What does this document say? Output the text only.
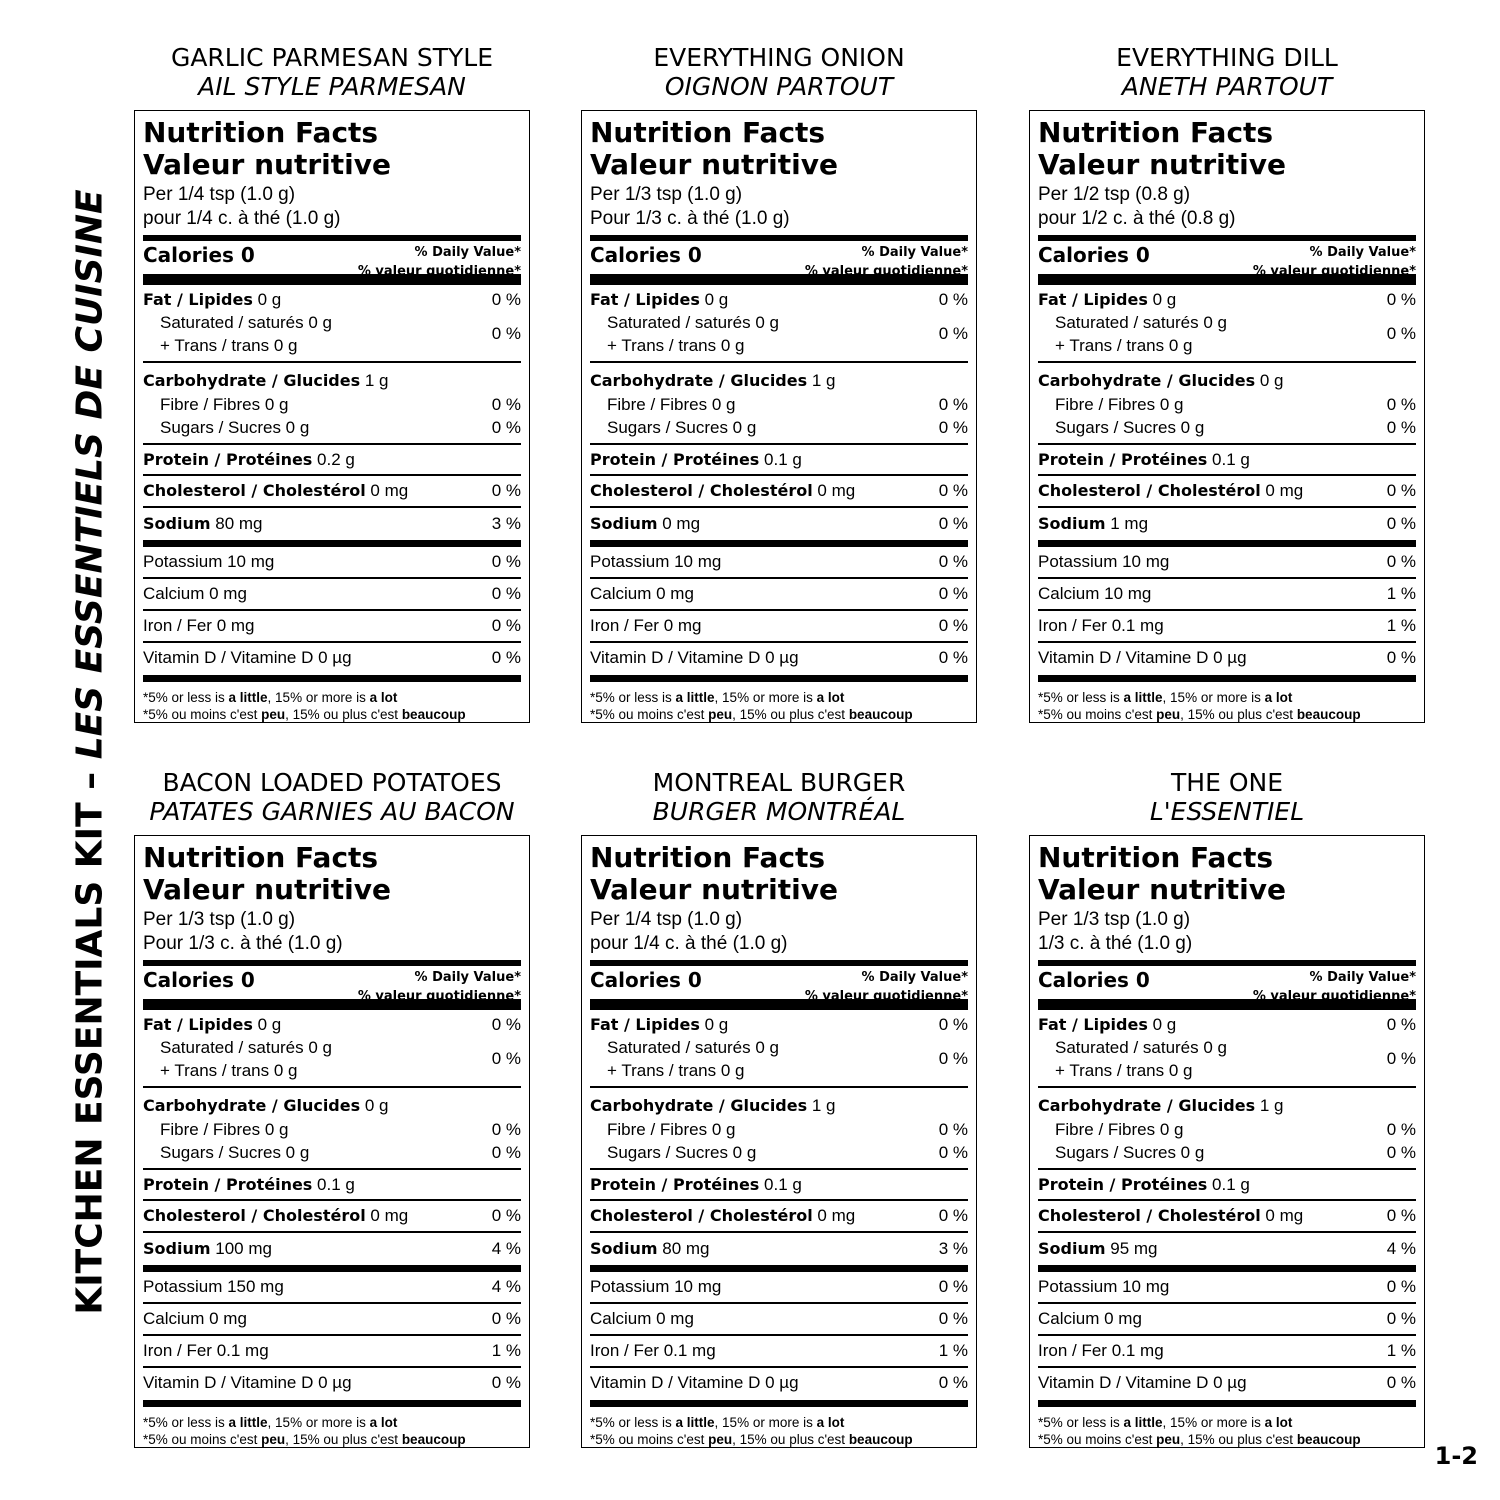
KITCHEN ESSENTIALS KIT – LES ESSENTIELS DE CUISINE
GARLIC PARMESAN STYLE
AIL STYLE PARMESAN
Nutrition Facts
Valeur nutritive
Per 1/4 tsp (1.0 g)
pour 1/4 c. à thé (1.0 g)
Calories 0	% Daily Value*
% valeur quotidienne*
Fat / Lipides 0 g	0 %
Saturated / saturés 0 g
+ Trans / trans 0 g
0 %
Carbohydrate / Glucides 1 g
Fibre / Fibres 0 g	0 %
Sugars / Sucres 0 g	0 %
Protein / Protéines 0.2 g
Cholesterol / Cholestérol 0 mg	0 %
Sodium 80 mg	3 %
Potassium 10 mg	0 %
Calcium 0 mg	0 %
Iron / Fer 0 mg	0 %
Vitamin D / Vitamine D 0 µg	0 %
*5% or less is a little, 15% or more is a lot
*5% ou moins c'est peu, 15% ou plus c'est beaucoup
EVERYTHING ONION
OIGNON PARTOUT
Nutrition Facts
Valeur nutritive
Per 1/3 tsp (1.0 g)
Pour 1/3 c. à thé (1.0 g)
Calories 0	% Daily Value*
% valeur quotidienne*
Fat / Lipides 0 g	0 %
Saturated / saturés 0 g
+ Trans / trans 0 g
0 %
Carbohydrate / Glucides 1 g
Fibre / Fibres 0 g	0 %
Sugars / Sucres 0 g	0 %
Protein / Protéines 0.1 g
Cholesterol / Cholestérol 0 mg	0 %
Sodium 0 mg	0 %
Potassium 10 mg	0 %
Calcium 0 mg	0 %
Iron / Fer 0 mg	0 %
Vitamin D / Vitamine D 0 µg	0 %
*5% or less is a little, 15% or more is a lot
*5% ou moins c'est peu, 15% ou plus c'est beaucoup
EVERYTHING DILL
ANETH PARTOUT
Nutrition Facts
Valeur nutritive
Per 1/2 tsp (0.8 g)
pour 1/2 c. à thé (0.8 g)
Calories 0	% Daily Value*
% valeur quotidienne*
Fat / Lipides 0 g	0 %
Saturated / saturés 0 g
+ Trans / trans 0 g
0 %
Carbohydrate / Glucides 0 g
Fibre / Fibres 0 g	0 %
Sugars / Sucres 0 g	0 %
Protein / Protéines 0.1 g
Cholesterol / Cholestérol 0 mg	0 %
Sodium 1 mg	0 %
Potassium 10 mg	0 %
Calcium 10 mg	1 %
Iron / Fer 0.1 mg	1 %
Vitamin D / Vitamine D 0 µg	0 %
*5% or less is a little, 15% or more is a lot
*5% ou moins c'est peu, 15% ou plus c'est beaucoup
BACON LOADED POTATOES
PATATES GARNIES AU BACON
Nutrition Facts
Valeur nutritive
Per 1/3 tsp (1.0 g)
Pour 1/3 c. à thé (1.0 g)
Calories 0	% Daily Value*
% valeur quotidienne*
Fat / Lipides 0 g	0 %
Saturated / saturés 0 g
+ Trans / trans 0 g
0 %
Carbohydrate / Glucides 0 g
Fibre / Fibres 0 g	0 %
Sugars / Sucres 0 g	0 %
Protein / Protéines 0.1 g
Cholesterol / Cholestérol 0 mg	0 %
Sodium 100 mg	4 %
Potassium 150 mg	4 %
Calcium 0 mg	0 %
Iron / Fer 0.1 mg	1 %
Vitamin D / Vitamine D 0 µg	0 %
*5% or less is a little, 15% or more is a lot
*5% ou moins c'est peu, 15% ou plus c'est beaucoup
MONTREAL BURGER
BURGER MONTRÉAL
Nutrition Facts
Valeur nutritive
Per 1/4 tsp (1.0 g)
pour 1/4 c. à thé (1.0 g)
Calories 0	% Daily Value*
% valeur quotidienne*
Fat / Lipides 0 g	0 %
Saturated / saturés 0 g
+ Trans / trans 0 g
0 %
Carbohydrate / Glucides 1 g
Fibre / Fibres 0 g	0 %
Sugars / Sucres 0 g	0 %
Protein / Protéines 0.1 g
Cholesterol / Cholestérol 0 mg	0 %
Sodium 80 mg	3 %
Potassium 10 mg	0 %
Calcium 0 mg	0 %
Iron / Fer 0.1 mg	1 %
Vitamin D / Vitamine D 0 µg	0 %
*5% or less is a little, 15% or more is a lot
*5% ou moins c'est peu, 15% ou plus c'est beaucoup
THE ONE
L'ESSENTIEL
Nutrition Facts
Valeur nutritive
Per 1/3 tsp (1.0 g)
1/3 c. à thé (1.0 g)
Calories 0	% Daily Value*
% valeur quotidienne*
Fat / Lipides 0 g	0 %
Saturated / saturés 0 g
+ Trans / trans 0 g
0 %
Carbohydrate / Glucides 1 g
Fibre / Fibres 0 g	0 %
Sugars / Sucres 0 g	0 %
Protein / Protéines 0.1 g
Cholesterol / Cholestérol 0 mg	0 %
Sodium 95 mg	4 %
Potassium 10 mg	0 %
Calcium 0 mg	0 %
Iron / Fer 0.1 mg	1 %
Vitamin D / Vitamine D 0 µg	0 %
*5% or less is a little, 15% or more is a lot
*5% ou moins c'est peu, 15% ou plus c'est beaucoup
1-2
